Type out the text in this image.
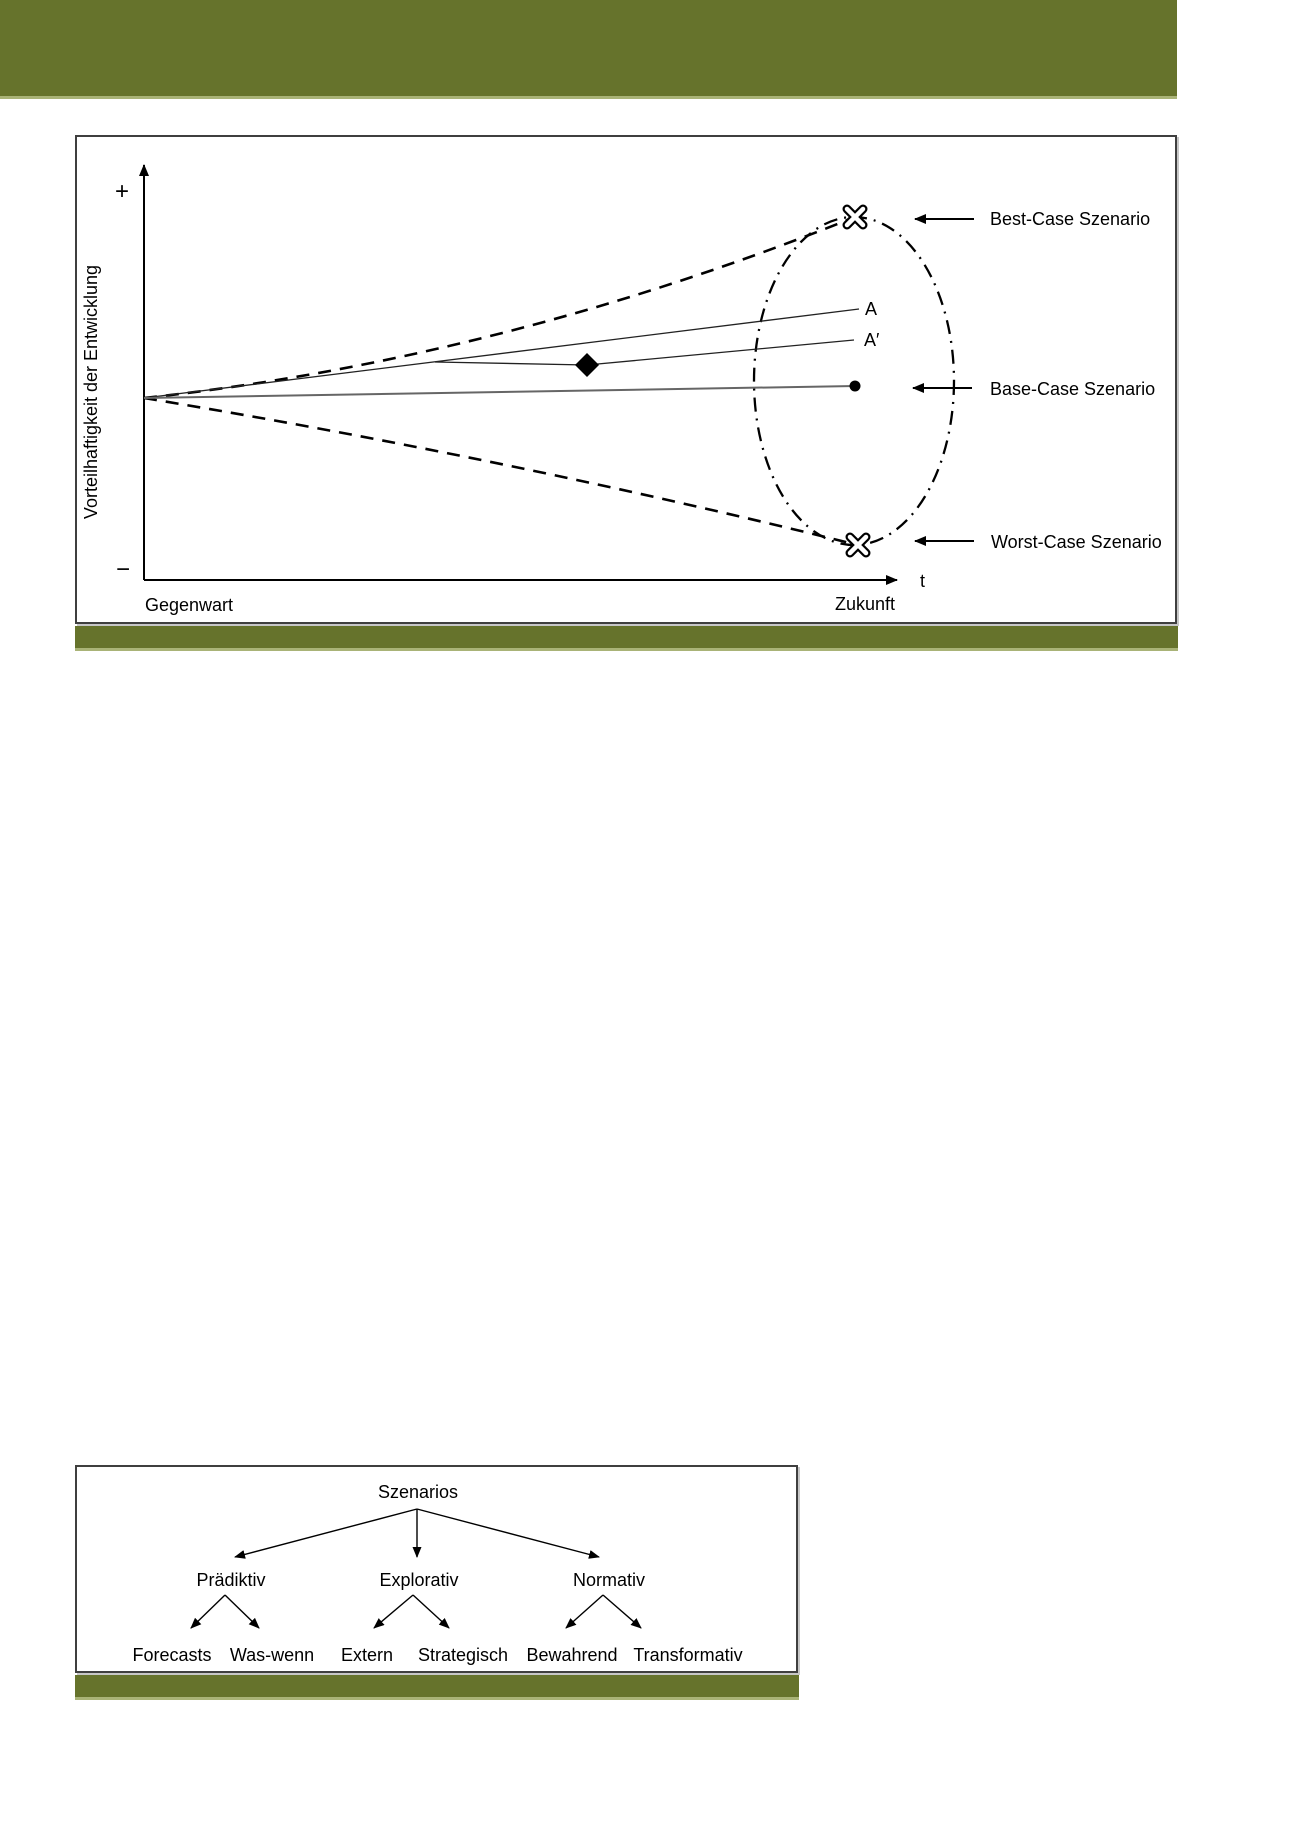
+
−
Vorteilhaftigkeit der Entwicklung	A
A′
Best-Case Szenario
Base-Case Szenario
Worst-Case Szenario
t
Gegenwart	Zukunft
Szenarios
Prädiktiv	Explorativ	Normativ
Forecasts Was-wenn Extern Strategisch Bewahrend Transformativ
